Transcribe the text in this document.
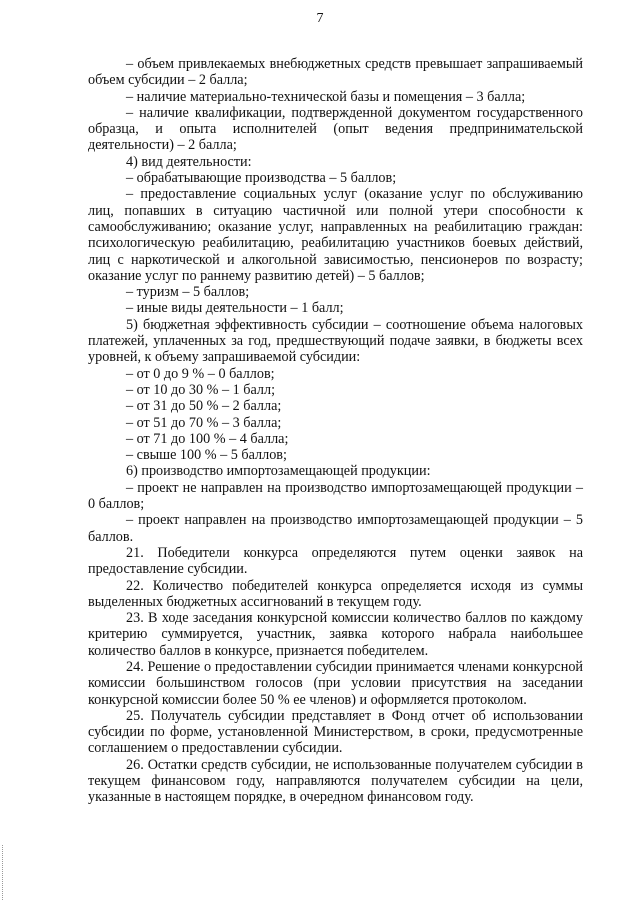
7

– объем привлекаемых внебюджетных средств превышает запрашиваемый объем субсидии – 2 балла;

– наличие материально-технической базы и помещения – 3 балла;

– наличие квалификации, подтвержденной документом государственного образца, и опыта исполнителей (опыт ведения предпринимательской деятельности) – 2 балла;

4) вид деятельности:

– обрабатывающие производства – 5 баллов;

– предоставление социальных услуг (оказание услуг по обслуживанию лиц, попавших в ситуацию частичной или полной утери способности к самообслуживанию; оказание услуг, направленных на реабилитацию граждан: психологическую реабилитацию, реабилитацию участников боевых действий, лиц с наркотической и алкогольной зависимостью, пенсионеров по возрасту; оказание услуг по раннему развитию детей) – 5 баллов;

– туризм – 5 баллов;

– иные виды деятельности – 1 балл;

5) бюджетная эффективность субсидии – соотношение объема налоговых платежей, уплаченных за год, предшествующий подаче заявки, в бюджеты всех уровней, к объему запрашиваемой субсидии:

– от 0 до 9 % – 0 баллов;

– от 10 до 30 % – 1 балл;

– от 31 до 50 % – 2 балла;

– от 51 до 70 % – 3 балла;

– от 71 до 100 % – 4 балла;

– свыше 100 % – 5 баллов;

6) производство импортозамещающей продукции:

– проект не направлен на производство импортозамещающей продукции – 0 баллов;

– проект направлен на производство импортозамещающей продукции – 5 баллов.

21. Победители конкурса определяются путем оценки заявок на предоставление субсидии.

22. Количество победителей конкурса определяется исходя из суммы выделенных бюджетных ассигнований в текущем году.

23. В ходе заседания конкурсной комиссии количество баллов по каждому критерию суммируется, участник, заявка которого набрала наибольшее количество баллов в конкурсе, признается победителем.

24. Решение о предоставлении субсидии принимается членами конкурсной комиссии большинством голосов (при условии присутствия на заседании конкурсной комиссии более 50 % ее членов) и оформляется протоколом.

25. Получатель субсидии представляет в Фонд отчет об использовании субсидии по форме, установленной Министерством, в сроки, предусмотренные соглашением о предоставлении субсидии.

26. Остатки средств субсидии, не использованные получателем субсидии в текущем финансовом году, направляются получателем субсидии на цели, указанные в настоящем порядке, в очередном финансовом году.
